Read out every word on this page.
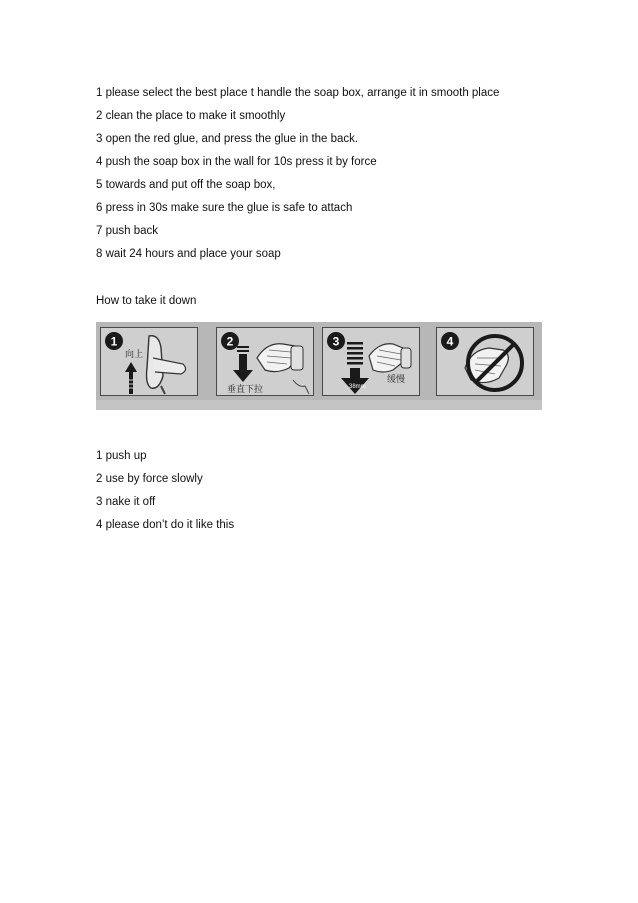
1 please select the best place t handle the soap box, arrange it in smooth place
2 clean the place to make it smoothly
3 open the red glue, and press the glue in the back.
4 push the soap box in the wall for 10s press it by force
5 towards and put off the soap box,
6 press in 30s make sure the glue is safe to attach
7 push back
8 wait 24 hours and place your soap
How to take it down
1
向上
2
垂直下拉
3
38mm
缓慢
4
1 push up
2 use by force slowly
3 nake it off
4 please don’t do it like this
